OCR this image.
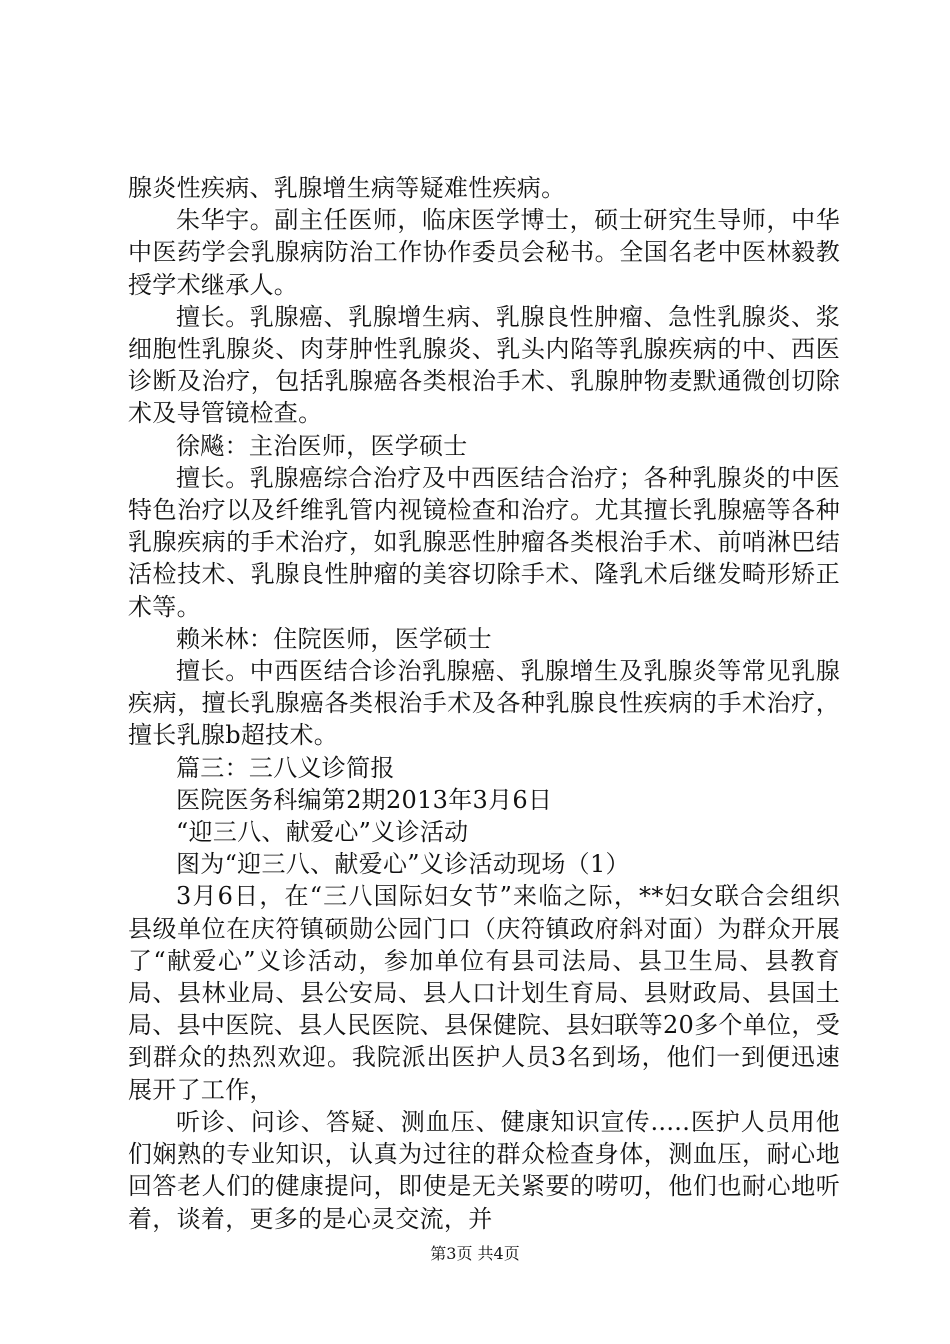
腺炎性疾病、乳腺增生病等疑难性疾病。

朱华宇。副主任医师，临床医学博士，硕士研究生导师，中华中医药学会乳腺病防治工作协作委员会秘书。全国名老中医林毅教授学术继承人。

擅长。乳腺癌、乳腺增生病、乳腺良性肿瘤、急性乳腺炎、浆细胞性乳腺炎、肉芽肿性乳腺炎、乳头内陷等乳腺疾病的中、西医诊断及治疗，包括乳腺癌各类根治手术、乳腺肿物麦默通微创切除术及导管镜检查。

徐飚：主治医师，医学硕士

擅长。乳腺癌综合治疗及中西医结合治疗；各种乳腺炎的中医特色治疗以及纤维乳管内视镜检查和治疗。尤其擅长乳腺癌等各种乳腺疾病的手术治疗，如乳腺恶性肿瘤各类根治手术、前哨淋巴结活检技术、乳腺良性肿瘤的美容切除手术、隆乳术后继发畸形矫正术等。

赖米林：住院医师，医学硕士

擅长。中西医结合诊治乳腺癌、乳腺增生及乳腺炎等常见乳腺疾病，擅长乳腺癌各类根治手术及各种乳腺良性疾病的手术治疗，擅长乳腺b超技术。

篇三：三八义诊简报

医院医务科编第2期2013年3月6日

“迎三八、献爱心”义诊活动

图为“迎三八、献爱心”义诊活动现场（1）

3月6日，在“三八国际妇女节”来临之际，**妇女联合会组织县级单位在庆符镇硕勋公园门口（庆符镇政府斜对面）为群众开展了“献爱心”义诊活动，参加单位有县司法局、县卫生局、县教育局、县林业局、县公安局、县人口计划生育局、县财政局、县国土局、县中医院、县人民医院、县保健院、县妇联等20多个单位，受到群众的热烈欢迎。我院派出医护人员3名到场，他们一到便迅速展开了工作，

听诊、问诊、答疑、测血压、健康知识宣传.....医护人员用他们娴熟的专业知识，认真为过往的群众检查身体，测血压，耐心地回答老人们的健康提问，即使是无关紧要的唠叨，他们也耐心地听着，谈着，更多的是心灵交流，并

第3页 共4页
